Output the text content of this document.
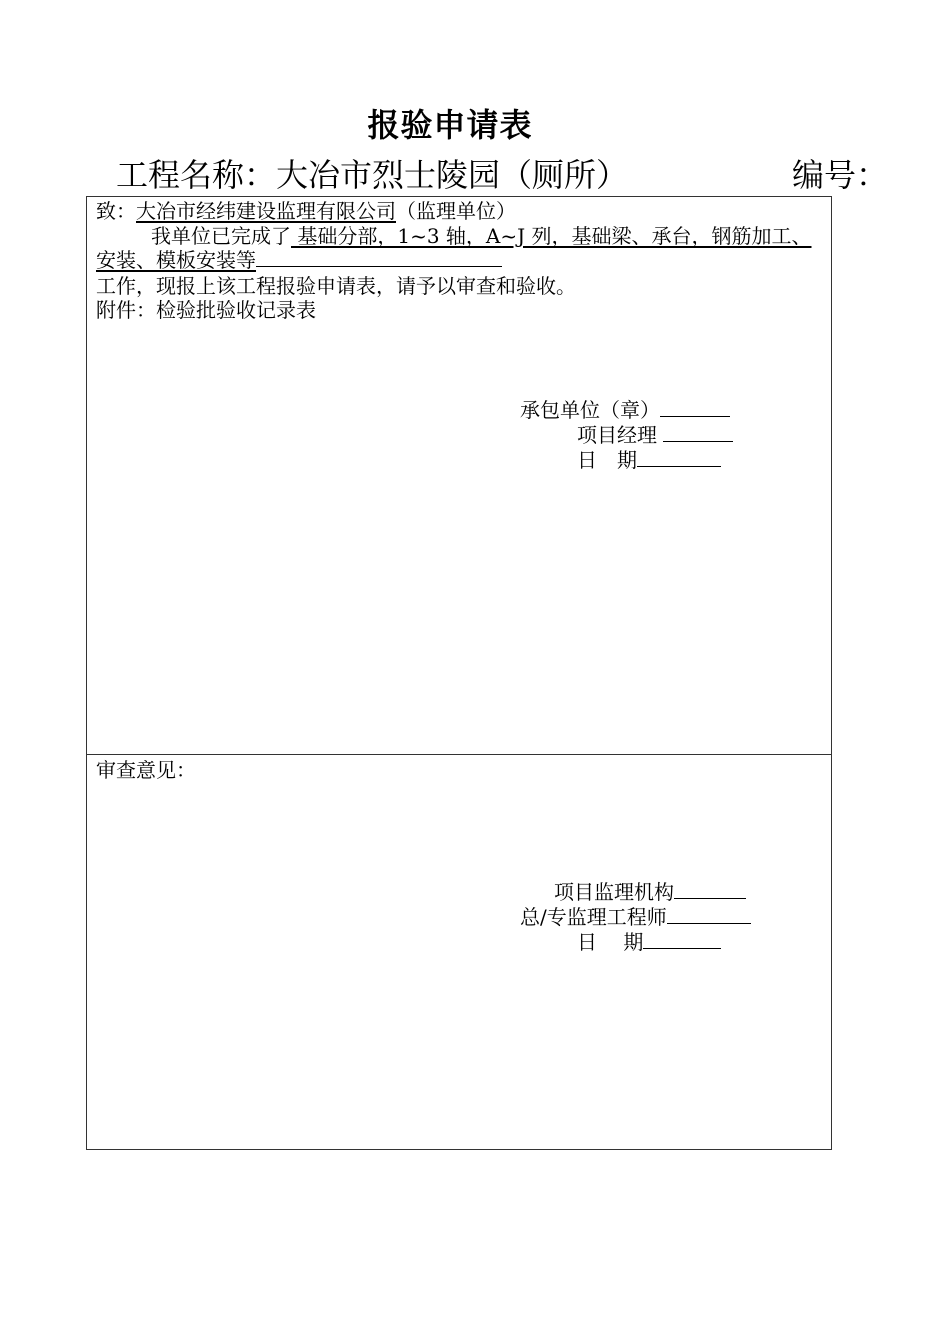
报验申请表
工程名称：大冶市烈士陵园（厕所）	编号：
致：大冶市经纬建设监理有限公司（监理单位）
我单位已完成了 基础分部，1~3 轴，A~J 列，基础梁、承台，钢筋加工、
安装、模板安装等
工作，现报上该工程报验申请表，请予以审查和验收。
附件：检验批验收记录表
承包单位（章）
项目经理
日　期
审查意见：
项目监理机构
总/专监理工程师
日　 期
